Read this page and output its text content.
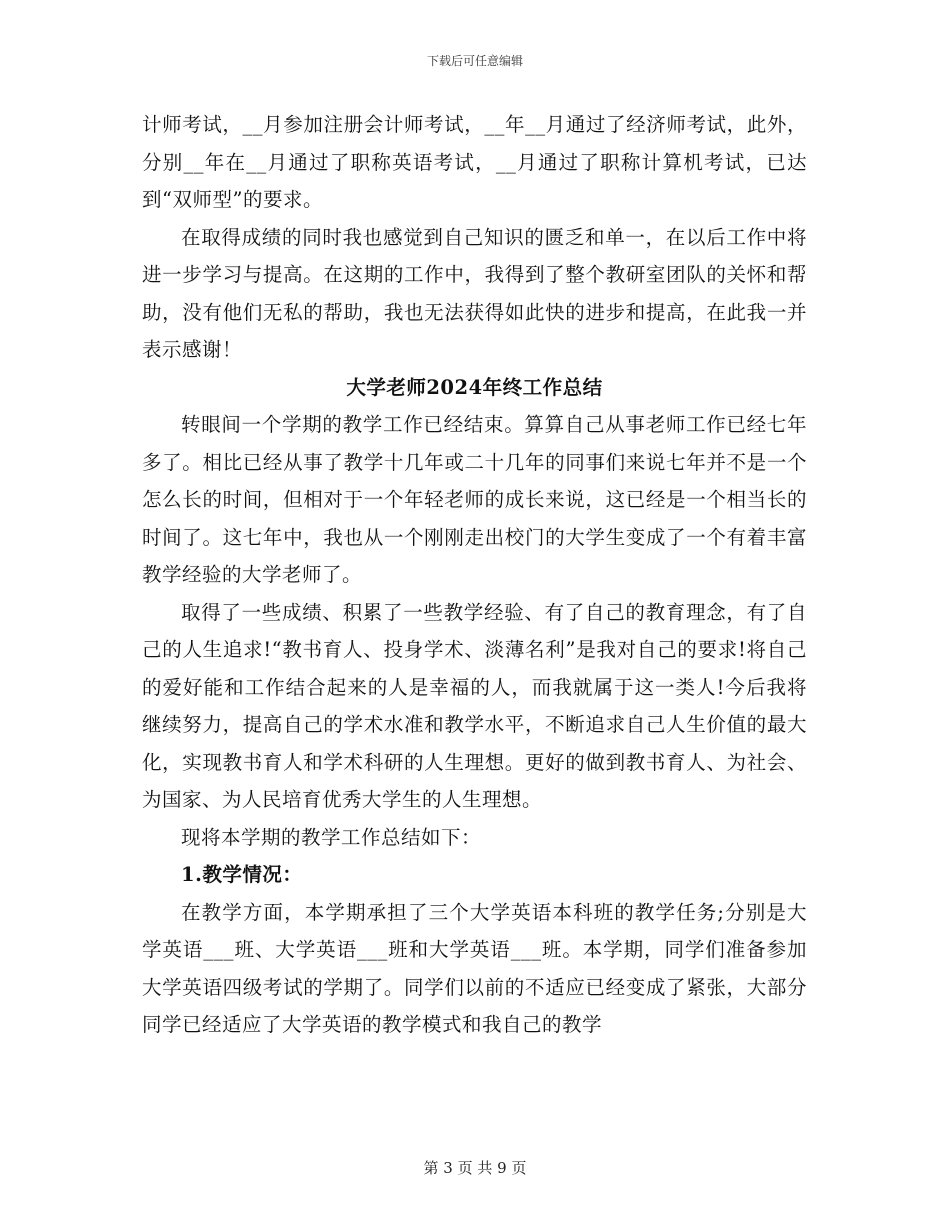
下载后可任意编辑

计师考试，__月参加注册会计师考试，__年__月通过了经济师考试，此外，分别__年在__月通过了职称英语考试，__月通过了职称计算机考试，已达到“双师型”的要求。

在取得成绩的同时我也感觉到自己知识的匮乏和单一，在以后工作中将进一步学习与提高。在这期的工作中，我得到了整个教研室团队的关怀和帮助，没有他们无私的帮助，我也无法获得如此快的进步和提高，在此我一并表示感谢！

大学老师2024年终工作总结

转眼间一个学期的教学工作已经结束。算算自己从事老师工作已经七年多了。相比已经从事了教学十几年或二十几年的同事们来说七年并不是一个怎么长的时间，但相对于一个年轻老师的成长来说，这已经是一个相当长的时间了。这七年中，我也从一个刚刚走出校门的大学生变成了一个有着丰富教学经验的大学老师了。

取得了一些成绩、积累了一些教学经验、有了自己的教育理念，有了自己的人生追求!“教书育人、投身学术、淡薄名利”是我对自己的要求!将自己的爱好能和工作结合起来的人是幸福的人，而我就属于这一类人!今后我将继续努力，提高自己的学术水准和教学水平，不断追求自己人生价值的最大化，实现教书育人和学术科研的人生理想。更好的做到教书育人、为社会、为国家、为人民培育优秀大学生的人生理想。

现将本学期的教学工作总结如下：

1.教学情况：

在教学方面，本学期承担了三个大学英语本科班的教学任务;分别是大学英语___班、大学英语___班和大学英语___班。本学期，同学们准备参加大学英语四级考试的学期了。同学们以前的不适应已经变成了紧张，大部分同学已经适应了大学英语的教学模式和我自己的教学

第 3 页 共 9 页
